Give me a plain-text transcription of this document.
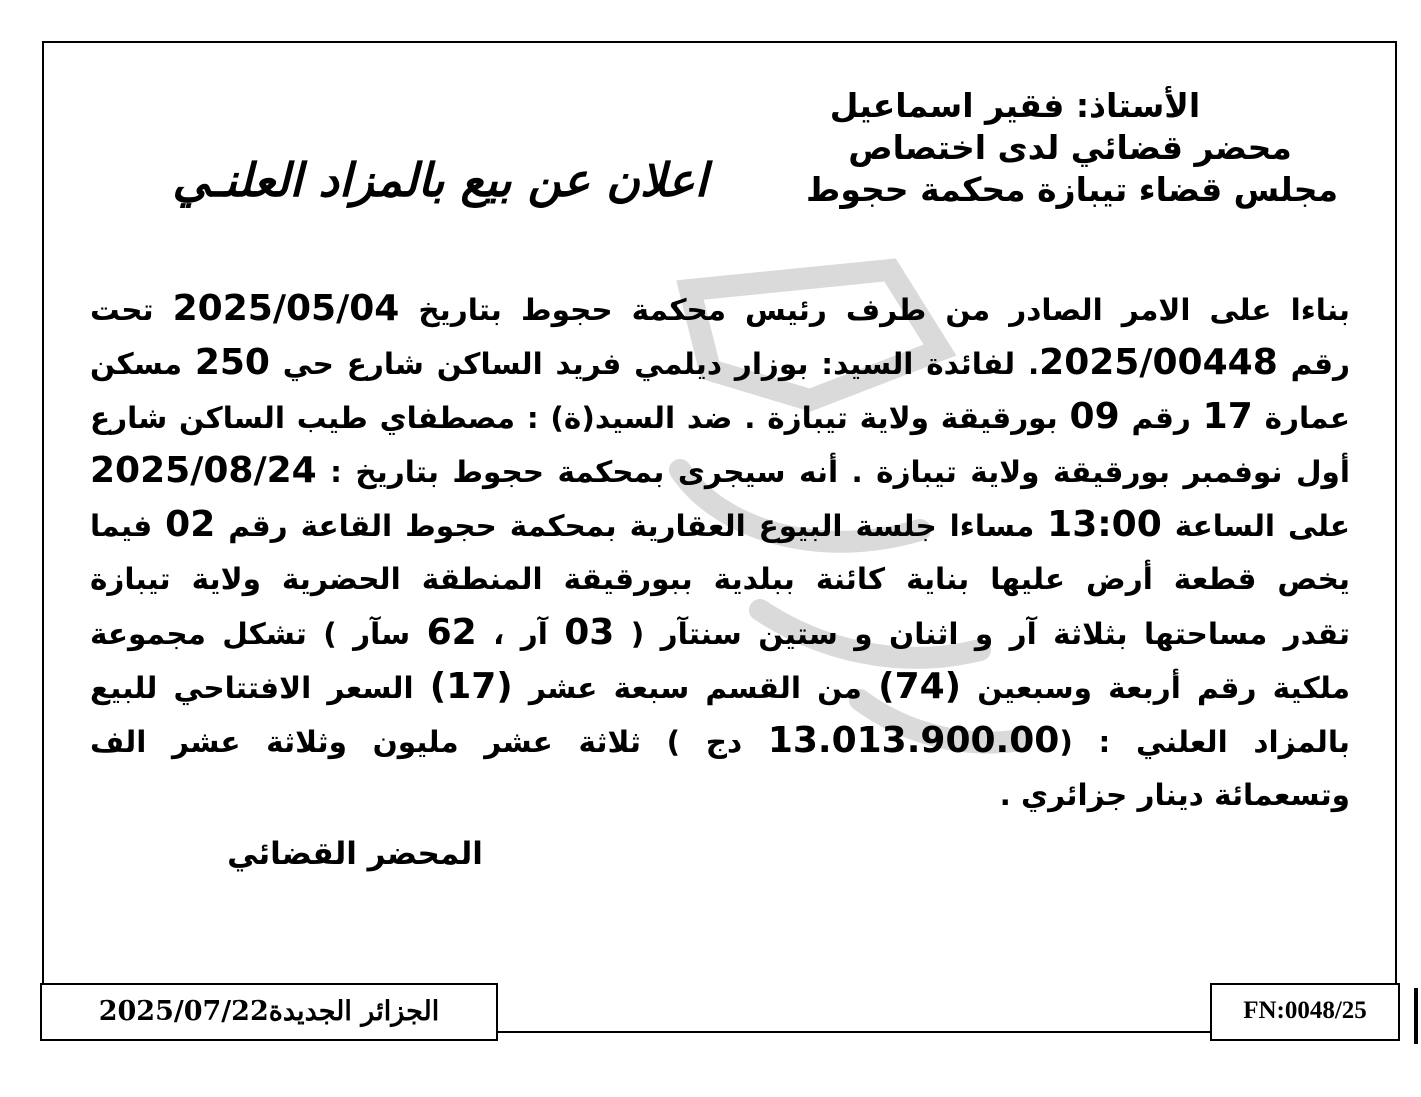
الأستاذ: فقير اسماعيل
محضر قضائي لدى اختصاص
مجلس قضاء تيبازة محكمة حجوط
اعلان عن بيع بالمزاد العلنـي
بناءا على الامر الصادر من طرف رئيس محكمة حجوط بتاريخ 2025/05/04 تحت
رقم 2025/00448. لفائدة السيد: بوزار ديلمي فريد الساكن شارع حي 250 مسكن
عمارة 17 رقم 09 بورقيقة ولاية تيبازة . ضد السيد(ة) : مصطفاي طيب الساكن شارع
أول نوفمبر بورقيقة ولاية تيبازة . أنه سيجرى بمحكمة حجوط بتاريخ : 2025/08/24
على الساعة 13:00 مساءا جلسة البيوع العقارية بمحكمة حجوط القاعة رقم 02 فيما
يخص قطعة أرض عليها بناية كائنة ببلدية ببورقيقة المنطقة الحضرية ولاية تيبازة
تقدر مساحتها بثلاثة آر و اثنان و ستين سنتآر ( 03 آر ، 62 سآر ) تشكل مجموعة
ملكية رقم أربعة وسبعين (74) من القسم سبعة عشر (17) السعر الافتتاحي للبيع
بالمزاد العلني : (13.013.900.00 دج ) ثلاثة عشر مليون وثلاثة عشر الف
وتسعمائة دينار جزائري .
المحضر القضائي
2025/07/22الجزائر الجديدة	FN:0048/25
